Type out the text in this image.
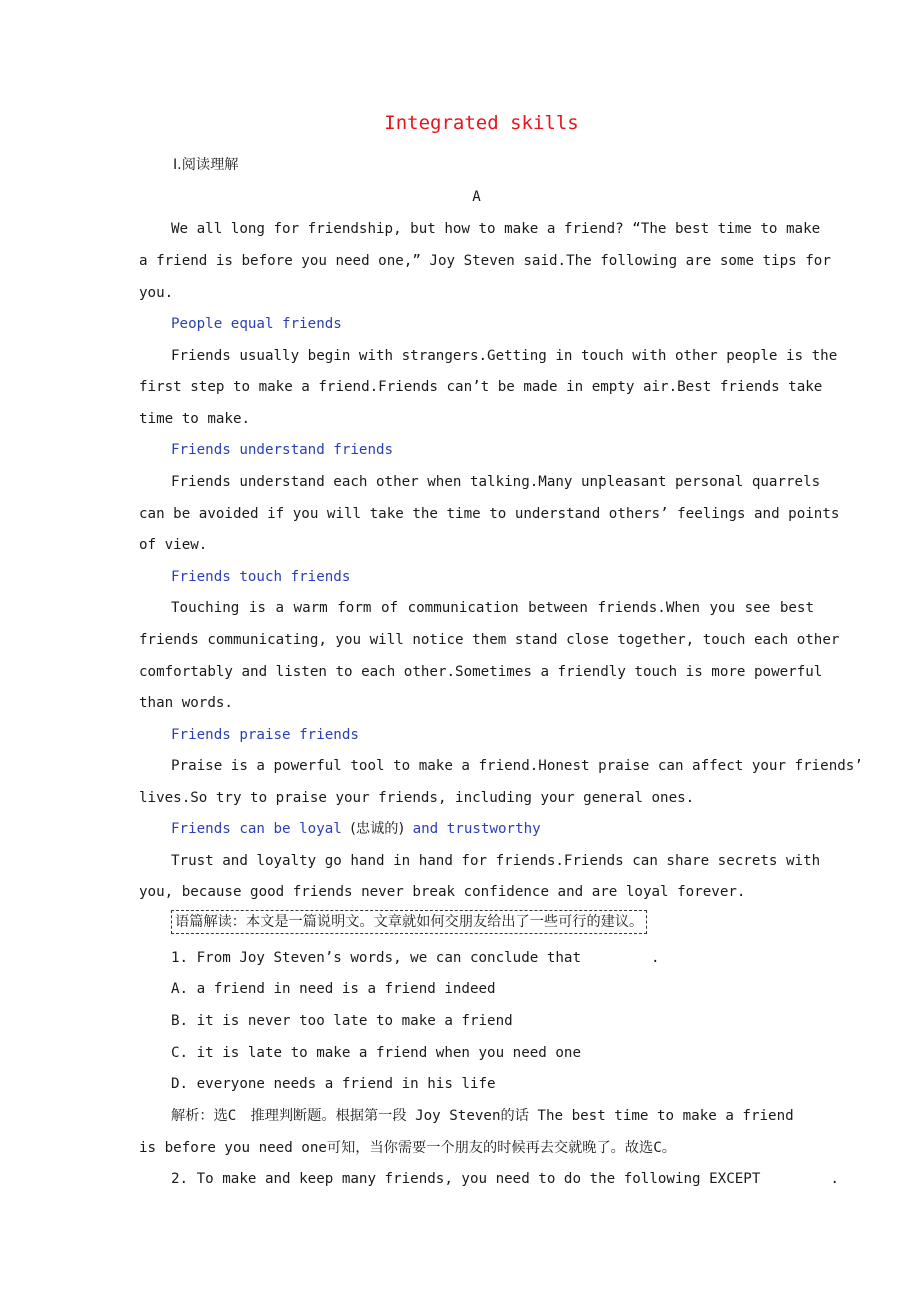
Integrated skills
Ⅰ.阅读理解
A
We all long for friendship, but how to make a friend? “The best time to make
a friend is before you need one,” Joy Steven said.The following are some tips for
you.
People equal friends
Friends usually begin with strangers.Getting in touch with other people is the
first step to make a friend.Friends can’t be made in empty air.Best friends take
time to make.
Friends understand friends
Friends understand each other when talking.Many unpleasant personal quarrels
can be avoided if you will take the time to understand others’ feelings and points
of view.
Friends touch friends
Touching is a warm form of communication between friends.When you see best
friends communicating, you will notice them stand close together, touch each other
comfortably and listen to each other.Sometimes a friendly touch is more powerful
than words.
Friends praise friends
Praise is a powerful tool to make a friend.Honest praise can affect your friends’
lives.So try to praise your friends, including your general ones.
Friends can be loyal (忠诚的) and trustworthy
Trust and loyalty go hand in hand for friends.Friends can share secrets with
you, because good friends never break confidence and are loyal forever.
语篇解读：本文是一篇说明文。文章就如何交朋友给出了一些可行的建议。
1. From Joy Steven’s words, we can conclude that	.
A. a friend in need is a friend indeed
B. it is never too late to make a friend
C. it is late to make a friend when you need one
D. everyone needs a friend in his life
解析：选C　推理判断题。根据第一段 Joy Steven的话 The best time to make a friend
is before you need one可知，当你需要一个朋友的时候再去交就晚了。故选C。
2. To make and keep many friends, you need to do the following EXCEPT	.
